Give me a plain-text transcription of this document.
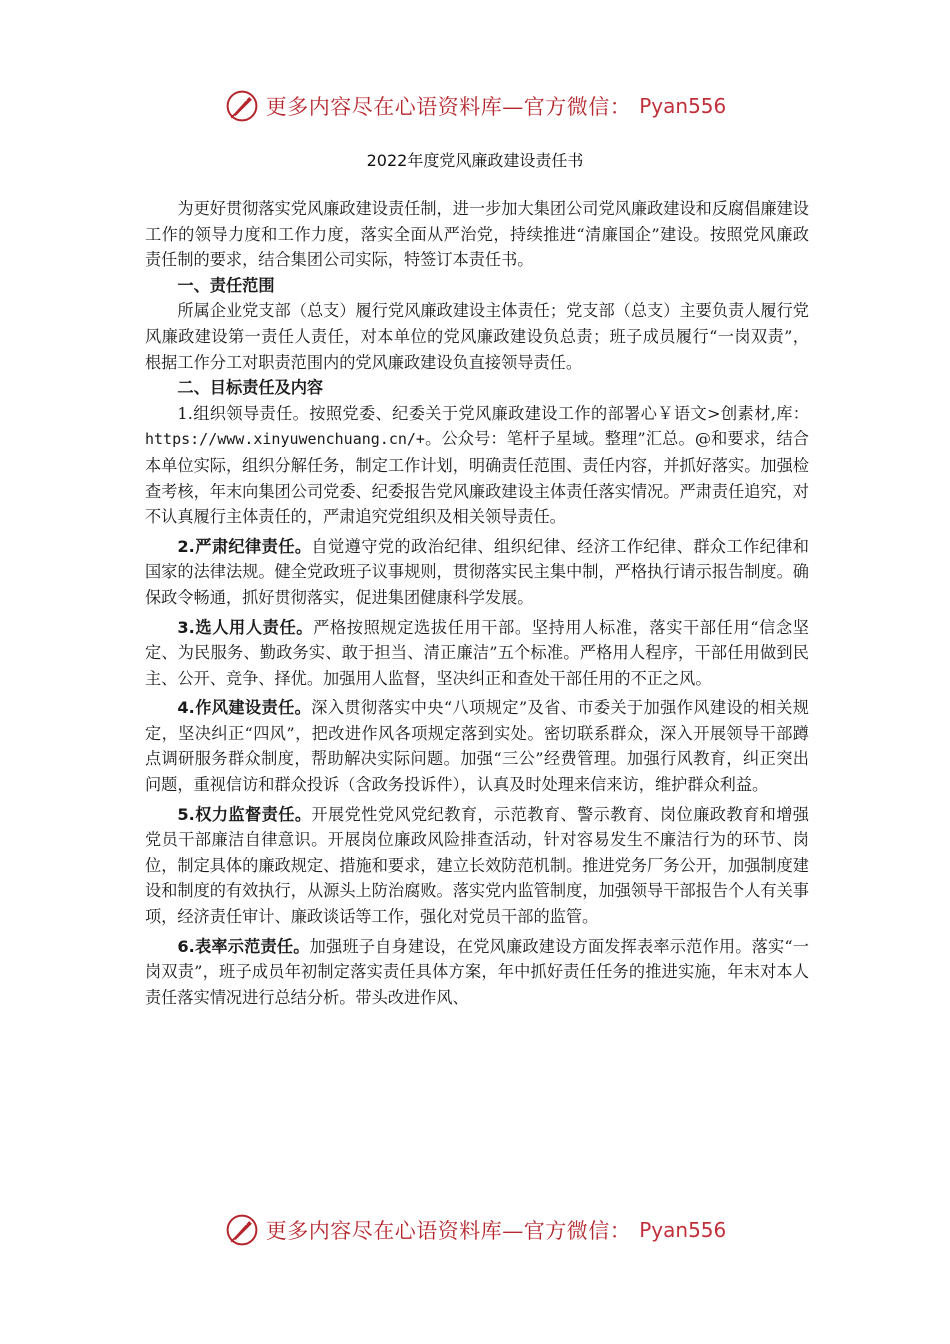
更多内容尽在心语资料库—官方微信： Pyan556
2022年度党风廉政建设责任书

为更好贯彻落实党风廉政建设责任制，进一步加大集团公司党风廉政建设和反腐倡廉建设工作的领导力度和工作力度，落实全面从严治党，持续推进“清廉国企”建设。按照党风廉政责任制的要求，结合集团公司实际，特签订本责任书。

一、责任范围

所属企业党支部（总支）履行党风廉政建设主体责任；党支部（总支）主要负责人履行党风廉政建设第一责任人责任，对本单位的党风廉政建设负总责；班子成员履行“一岗双责”，根据工作分工对职责范围内的党风廉政建设负直接领导责任。

二、目标责任及内容

1.组织领导责任。按照党委、纪委关于党风廉政建设工作的部署心￥语文>创素材,库：https://www.xinyuwenchuang.cn/+。公众号：笔杆子星域。整理”汇总。@和要求，结合本单位实际，组织分解任务，制定工作计划，明确责任范围、责任内容，并抓好落实。加强检查考核，年末向集团公司党委、纪委报告党风廉政建设主体责任落实情况。严肃责任追究，对不认真履行主体责任的，严肃追究党组织及相关领导责任。

2.严肃纪律责任。自觉遵守党的政治纪律、组织纪律、经济工作纪律、群众工作纪律和国家的法律法规。健全党政班子议事规则，贯彻落实民主集中制，严格执行请示报告制度。确保政令畅通，抓好贯彻落实，促进集团健康科学发展。

3.选人用人责任。严格按照规定选拔任用干部。坚持用人标准，落实干部任用“信念坚定、为民服务、勤政务实、敢于担当、清正廉洁”五个标准。严格用人程序，干部任用做到民主、公开、竞争、择优。加强用人监督，坚决纠正和查处干部任用的不正之风。

4.作风建设责任。深入贯彻落实中央“八项规定”及省、市委关于加强作风建设的相关规定，坚决纠正“四风”，把改进作风各项规定落到实处。密切联系群众，深入开展领导干部蹲点调研服务群众制度，帮助解决实际问题。加强“三公”经费管理。加强行风教育，纠正突出问题，重视信访和群众投诉（含政务投诉件），认真及时处理来信来访，维护群众利益。

5.权力监督责任。开展党性党风党纪教育，示范教育、警示教育、岗位廉政教育和增强党员干部廉洁自律意识。开展岗位廉政风险排查活动，针对容易发生不廉洁行为的环节、岗位，制定具体的廉政规定、措施和要求，建立长效防范机制。推进党务厂务公开，加强制度建设和制度的有效执行，从源头上防治腐败。落实党内监管制度，加强领导干部报告个人有关事项，经济责任审计、廉政谈话等工作，强化对党员干部的监管。

6.表率示范责任。加强班子自身建设，在党风廉政建设方面发挥表率示范作用。落实“一岗双责”，班子成员年初制定落实责任具体方案，年中抓好责任任务的推进实施，年末对本人责任落实情况进行总结分析。带头改进作风、

更多内容尽在心语资料库—官方微信： Pyan556
